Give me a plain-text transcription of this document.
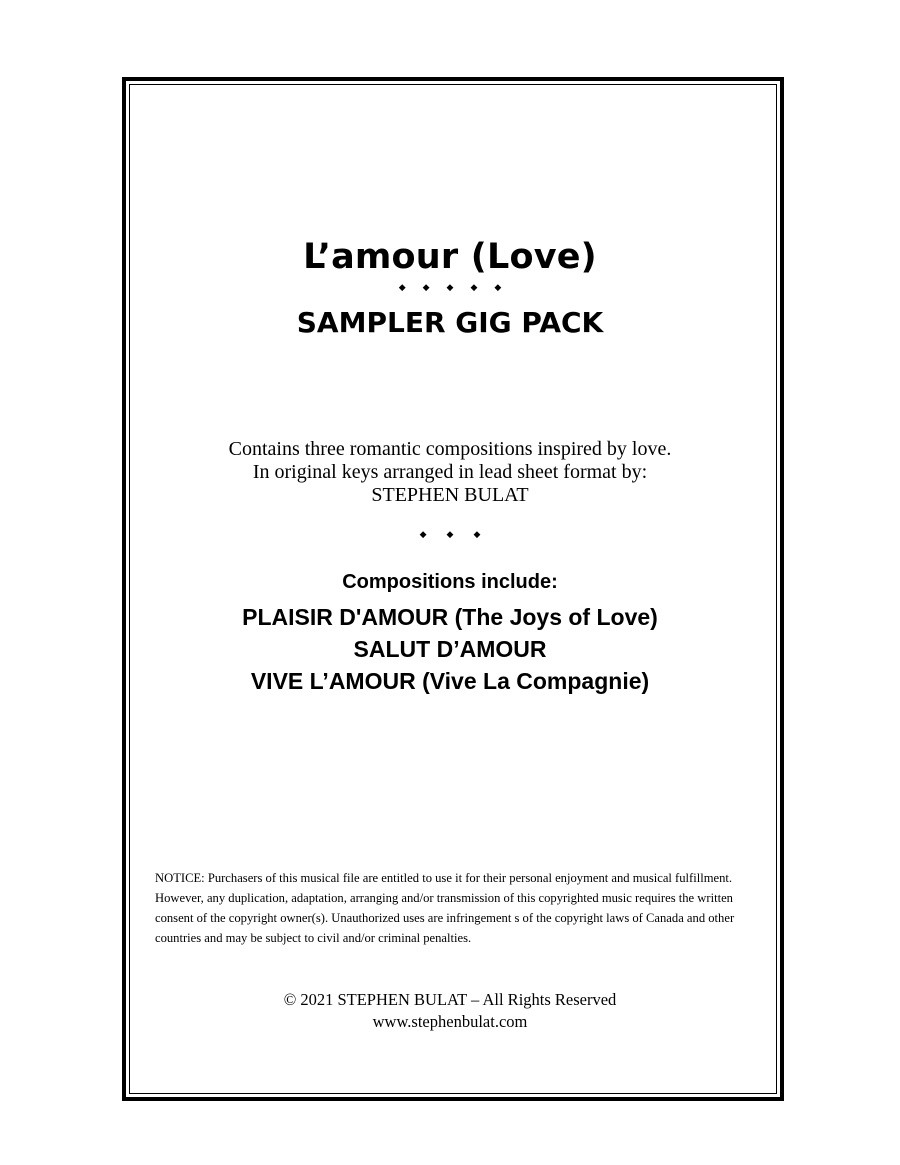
L’amour (Love)
◆◆◆◆◆
SAMPLER GIG PACK
Contains three romantic compositions inspired by love.
In original keys arranged in lead sheet format by:
STEPHEN BULAT
◆◆◆
Compositions include:
PLAISIR D'AMOUR (The Joys of Love)
SALUT D’AMOUR
VIVE L’AMOUR (Vive La Compagnie)
NOTICE: Purchasers of this musical file are entitled to use it for their personal enjoyment and musical fulfillment. However, any duplication, adaptation, arranging and/or transmission of this copyrighted music requires the written consent of the copyright owner(s). Unauthorized uses are infringement s of the copyright laws of Canada and other countries and may be subject to civil and/or criminal penalties.
© 2021 STEPHEN BULAT – All Rights Reserved
www.stephenbulat.com
